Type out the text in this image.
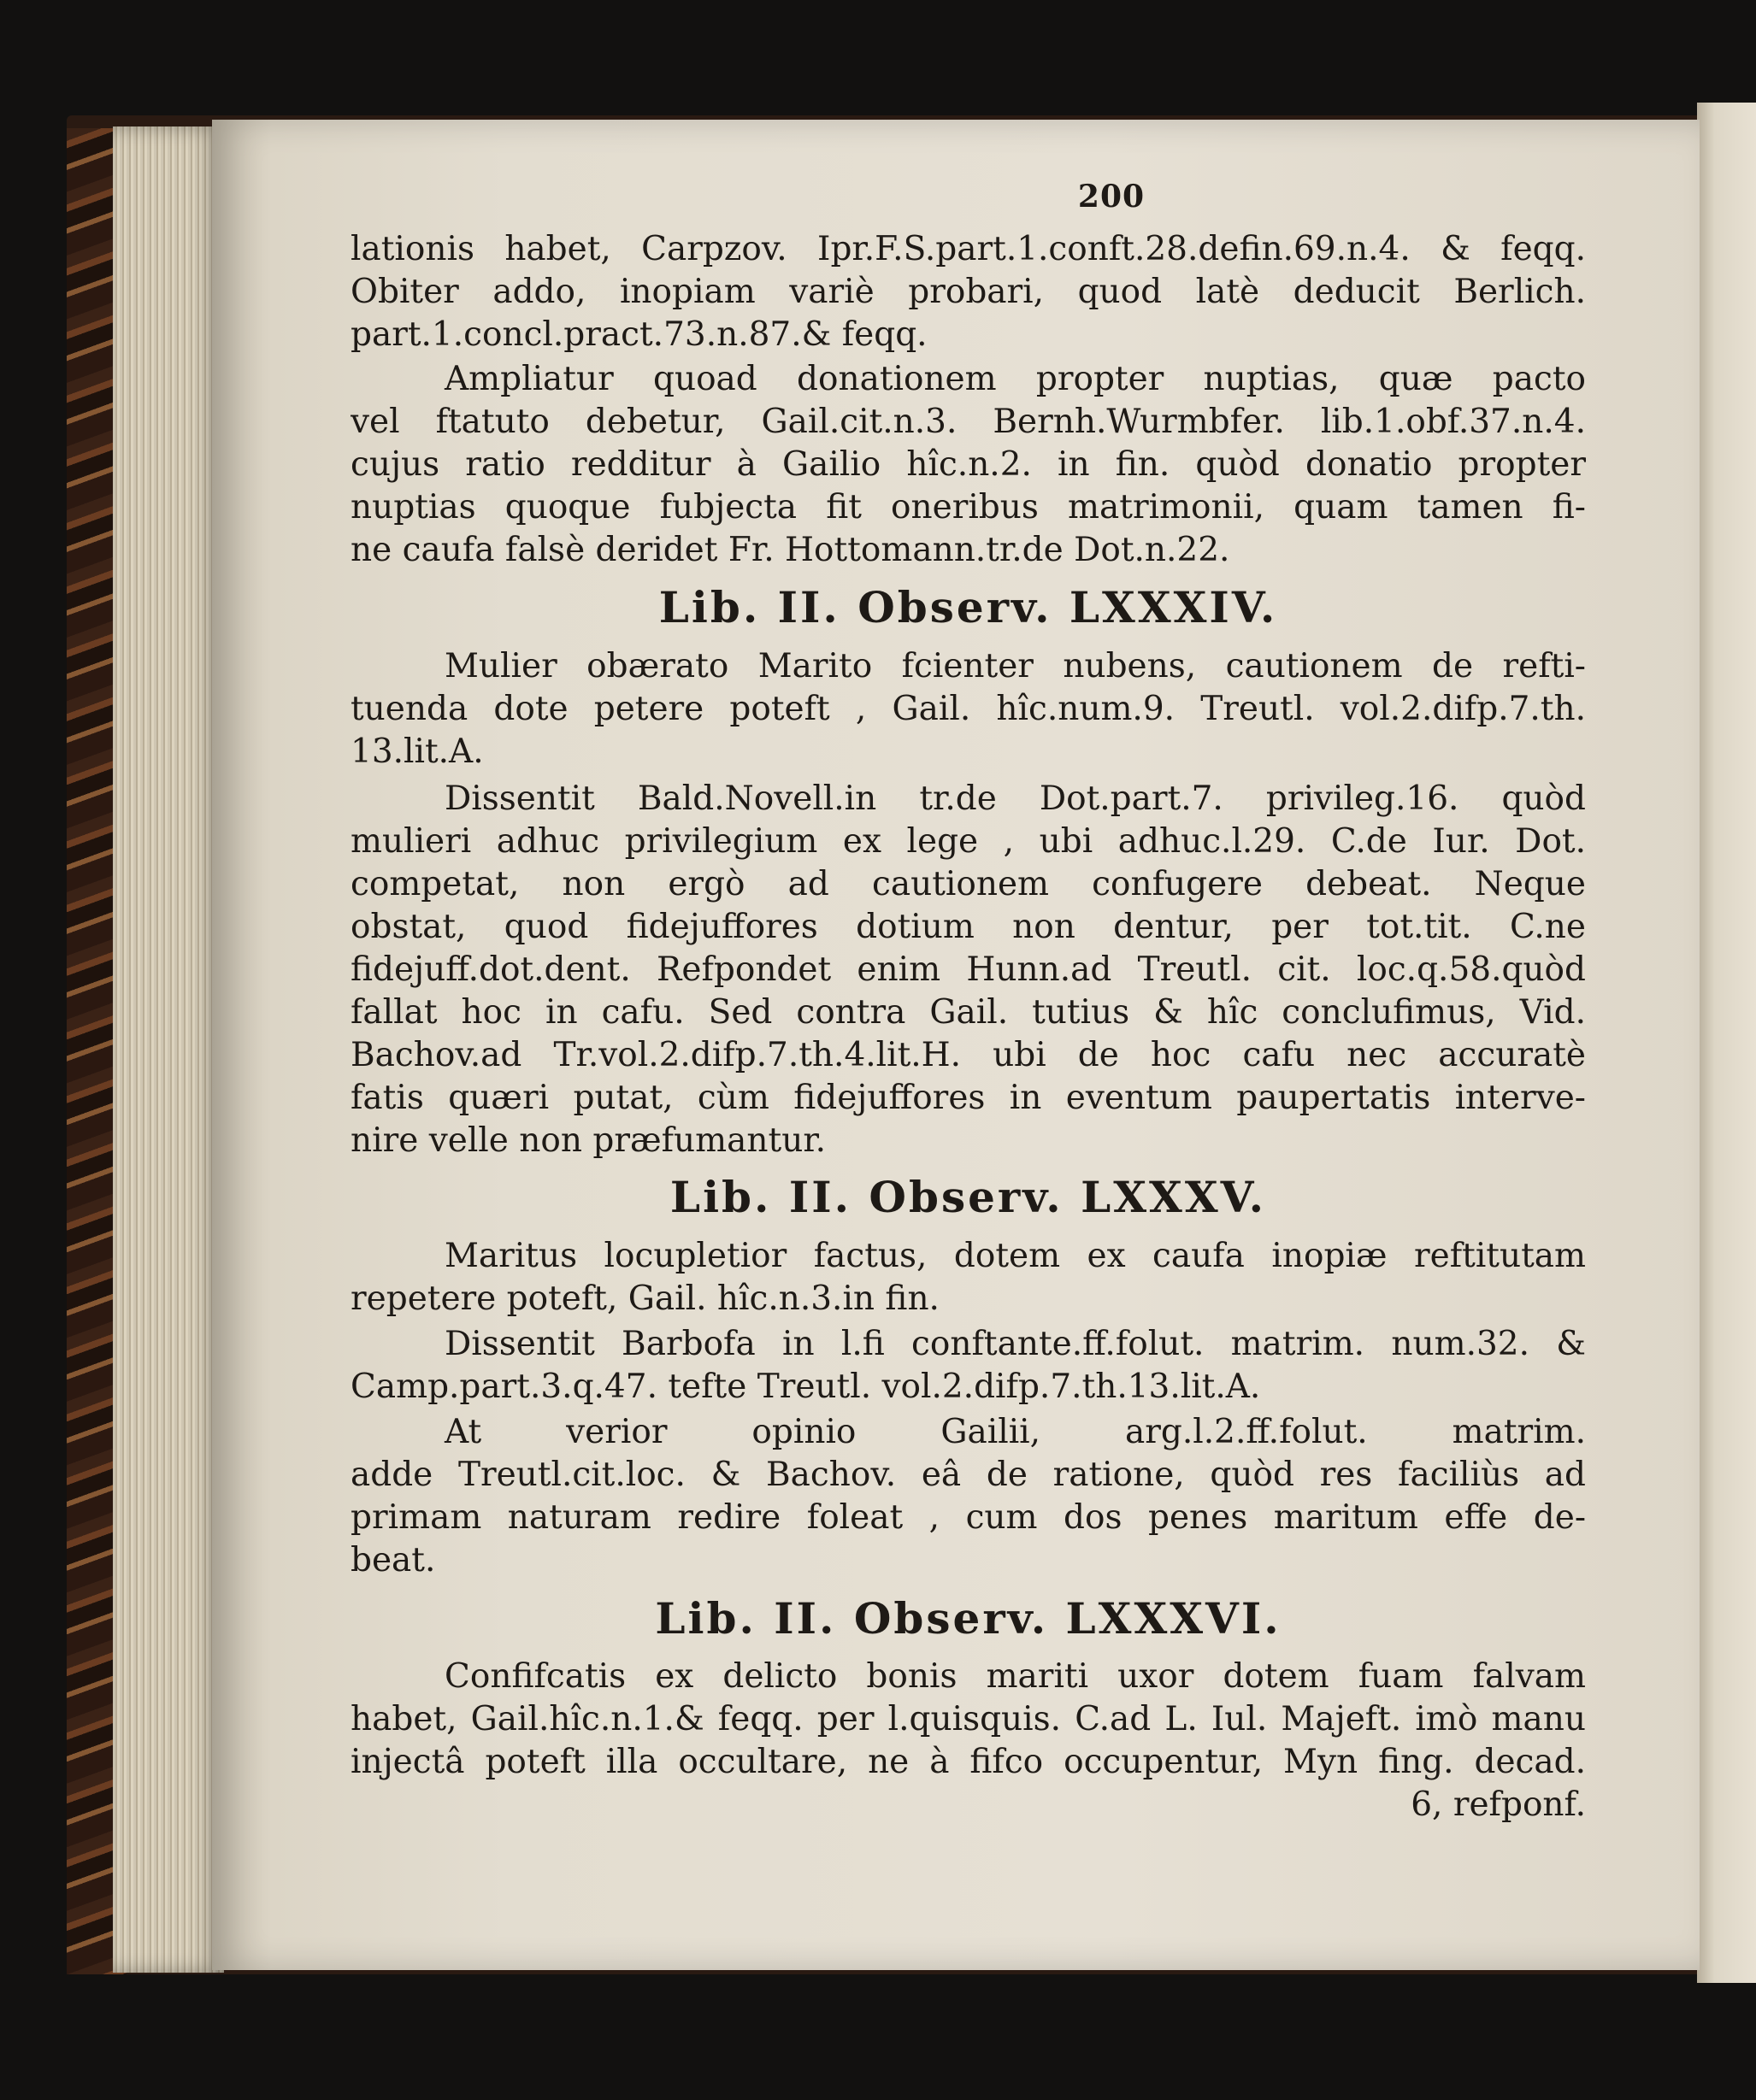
200
lationis habet, Carpzov. Ipr.F.S.part.1.conft.28.defin.69.n.4. & feqq.
Obiter addo, inopiam variè probari, quod latè deducit Berlich.
part.1.concl.pract.73.n.87.& feqq.
Ampliatur quoad donationem propter nuptias, quæ pacto
vel ftatuto debetur, Gail.cit.n.3. Bernh.Wurmbfer. lib.1.obf.37.n.4.
cujus ratio redditur à Gailio hîc.n.2. in fin. quòd donatio propter
nuptias quoque fubjecta fit oneribus matrimonii, quam tamen fi-
ne caufa falsè deridet Fr. Hottomann.tr.de Dot.n.22.
Lib. II. Observ. LXXXIV.
Mulier obærato Marito fcienter nubens, cautionem de refti-
tuenda dote petere poteft , Gail. hîc.num.9. Treutl. vol.2.difp.7.th.
13.lit.A.
Dissentit Bald.Novell.in tr.de Dot.part.7. privileg.16. quòd
mulieri adhuc privilegium ex lege , ubi adhuc.l.29. C.de Iur. Dot.
competat, non ergò ad cautionem confugere debeat. Neque
obstat, quod fidejuffores dotium non dentur, per tot.tit. C.ne
fidejuff.dot.dent. Refpondet enim Hunn.ad Treutl. cit. loc.q.58.quòd
fallat hoc in cafu. Sed contra Gail. tutius & hîc conclufimus, Vid.
Bachov.ad Tr.vol.2.difp.7.th.4.lit.H. ubi de hoc cafu nec accuratè
fatis quæri putat, cùm fidejuffores in eventum paupertatis interve-
nire velle non præfumantur.
Lib. II. Observ. LXXXV.
Maritus locupletior factus, dotem ex caufa inopiæ reftitutam
repetere poteft, Gail. hîc.n.3.in fin.
Dissentit Barbofa in l.fi conftante.ff.folut. matrim. num.32. &
Camp.part.3.q.47. tefte Treutl. vol.2.difp.7.th.13.lit.A.
At verior opinio Gailii, arg.l.2.ff.folut. matrim.
adde Treutl.cit.loc. & Bachov. eâ de ratione, quòd res faciliùs ad
primam naturam redire foleat , cum dos penes maritum effe de-
beat.
Lib. II. Observ. LXXXVI.
Confifcatis ex delicto bonis mariti uxor dotem fuam falvam
habet, Gail.hîc.n.1.& feqq. per l.quisquis. C.ad L. Iul. Majeft. imò manu
injectâ poteft illa occultare, ne à fifco occupentur, Myn fing. decad.
6, refponf.
